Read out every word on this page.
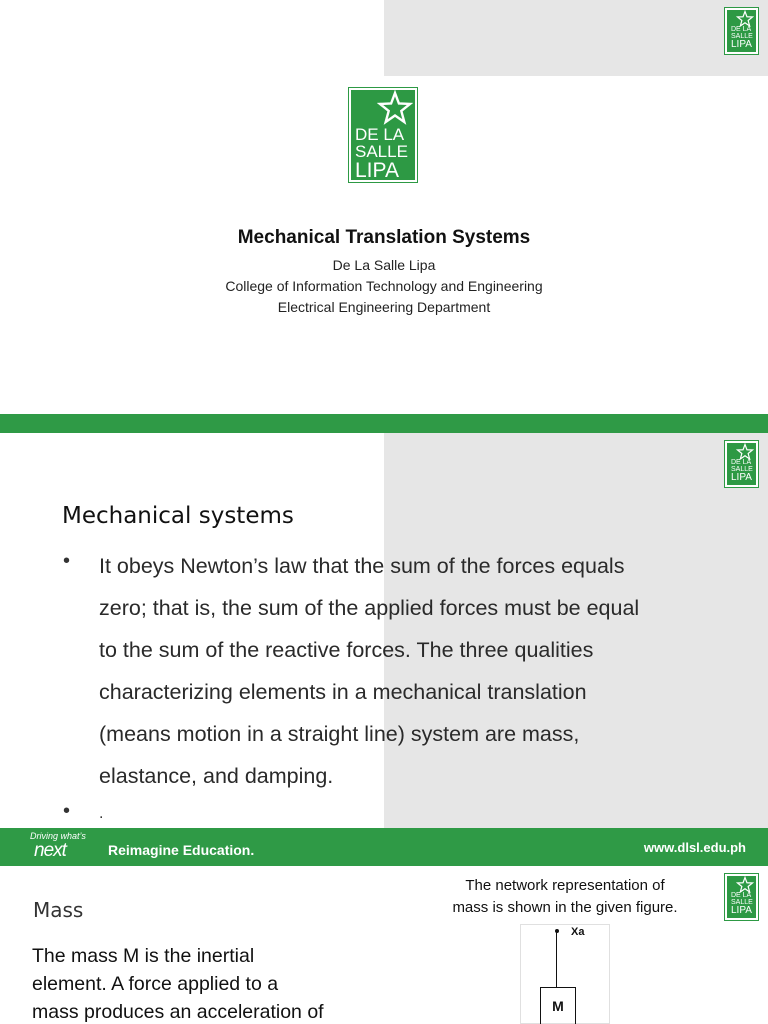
DE LA
SALLE
LIPA
DE LA
SALLE
LIPA
Mechanical Translation Systems
De La Salle Lipa
College of Information Technology and Engineering
Electrical Engineering Department
DE LA
SALLE
LIPA
Mechanical systems
• It obeys Newton’s law that the sum of the forces equals
zero; that is, the sum of the applied forces must be equal
to the sum of the reactive forces. The three qualities
characterizing elements in a mechanical translation
(means motion in a straight line) system are mass,
elastance, and damping.
• .
Driving what’s
next	Reimagine Education.	www.dlsl.edu.ph
DE LA
SALLE
LIPA
Mass
The mass M is the inertial
element. A force applied to a
mass produces an acceleration of
The network representation of
mass is shown in the given figure.
Xa
M
